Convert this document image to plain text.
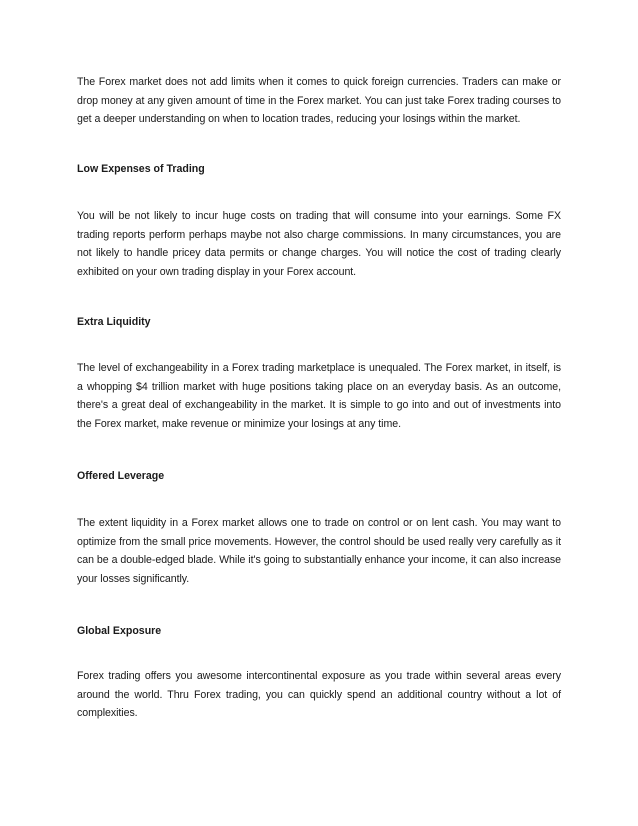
The Forex market does not add limits when it comes to quick foreign currencies. Traders can make or drop money at any given amount of time in the Forex market. You can just take Forex trading courses to get a deeper understanding on when to location trades, reducing your losings within the market.

Low Expenses of Trading

You will be not likely to incur huge costs on trading that will consume into your earnings. Some FX trading reports perform perhaps maybe not also charge commissions. In many circumstances, you are not likely to handle pricey data permits or change charges. You will notice the cost of trading clearly exhibited on your own trading display in your Forex account.

Extra Liquidity

The level of exchangeability in a Forex trading marketplace is unequaled. The Forex market, in itself, is a whopping $4 trillion market with huge positions taking place on an everyday basis. As an outcome, there's a great deal of exchangeability in the market. It is simple to go into and out of investments into the Forex market, make revenue or minimize your losings at any time.

Offered Leverage

The extent liquidity in a Forex market allows one to trade on control or on lent cash. You may want to optimize from the small price movements. However, the control should be used really very carefully as it can be a double-edged blade. While it's going to substantially enhance your income, it can also increase your losses significantly.

Global Exposure

Forex trading offers you awesome intercontinental exposure as you trade within several areas every around the world. Thru Forex trading, you can quickly spend an additional country without a lot of complexities.
